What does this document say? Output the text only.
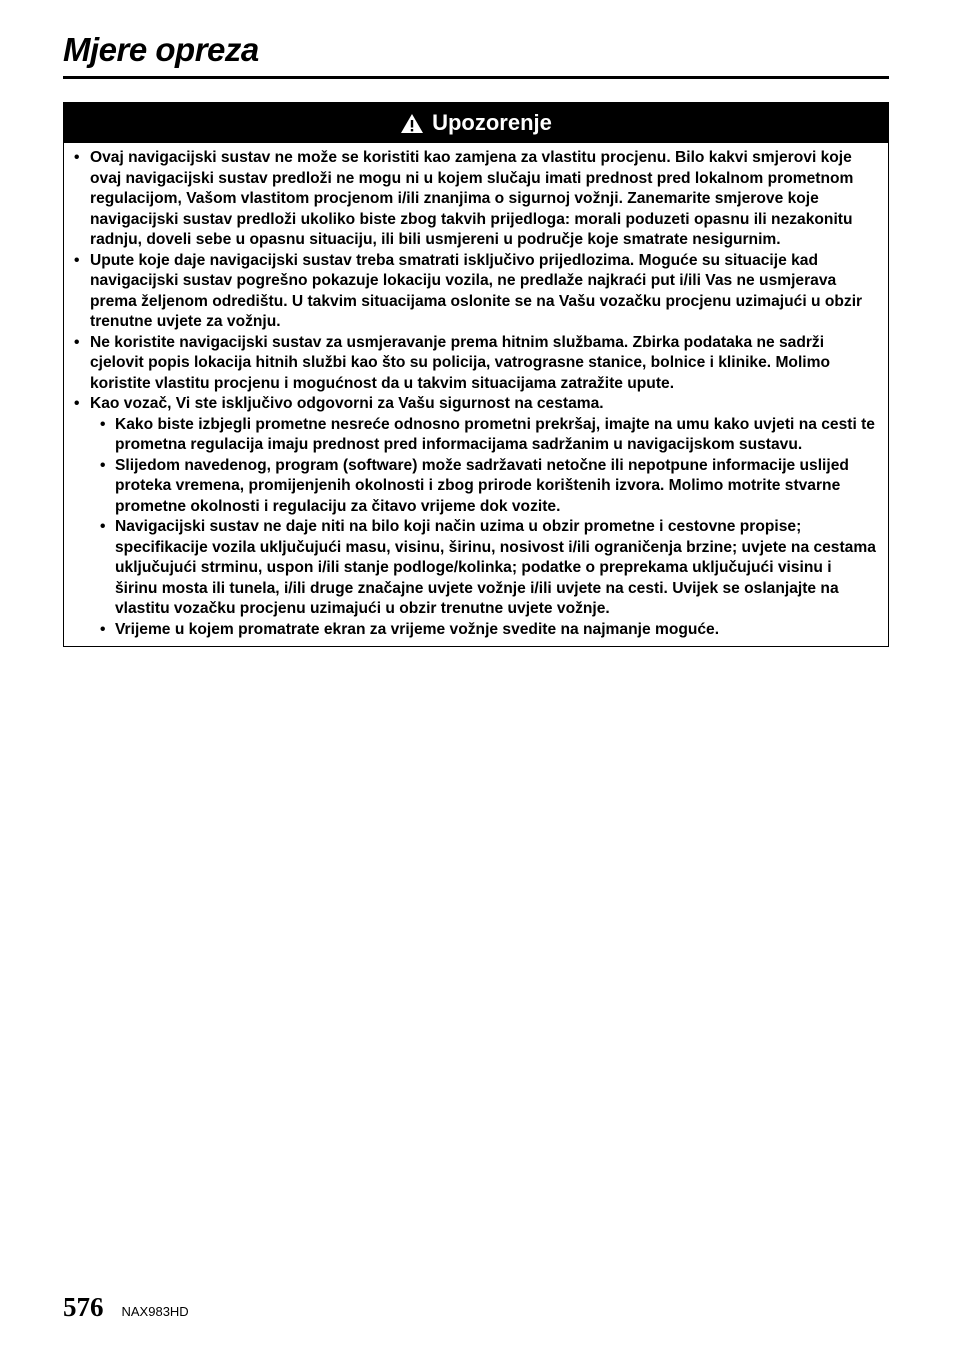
Mjere opreza
Upozorenje
• Ovaj navigacijski sustav ne može se koristiti kao zamjena za vlastitu procjenu. Bilo kakvi smjerovi koje ovaj navigacijski sustav predloži ne mogu ni u kojem slučaju imati prednost pred lokalnom prometnom regulacijom, Vašom vlastitom procjenom i/ili znanjima o sigurnoj vožnji. Zanemarite smjerove koje navigacijski sustav predloži ukoliko biste zbog takvih prijedloga: morali poduzeti opasnu ili nezakonitu radnju, doveli sebe u opasnu situaciju, ili bili usmjereni u područje koje smatrate nesigurnim.
• Upute koje daje navigacijski sustav treba smatrati isključivo prijedlozima. Moguće su situacije kad navigacijski sustav pogrešno pokazuje lokaciju vozila, ne predlaže najkraći put i/ili Vas ne usmjerava prema željenom odredištu. U takvim situacijama oslonite se na Vašu vozačku procjenu uzimajući u obzir trenutne uvjete za vožnju.
• Ne koristite navigacijski sustav za usmjeravanje prema hitnim službama. Zbirka podataka ne sadrži cjelovit popis lokacija hitnih službi kao što su policija, vatrograsne stanice, bolnice i klinike. Molimo koristite vlastitu procjenu i mogućnost da u takvim situacijama zatražite upute.
• Kao vozač, Vi ste isključivo odgovorni za Vašu sigurnost na cestama.
• Kako biste izbjegli prometne nesreće odnosno prometni prekršaj, imajte na umu kako uvjeti na cesti te prometna regulacija imaju prednost pred informacijama sadržanim u navigacijskom sustavu.
• Slijedom navedenog, program (software) može sadržavati netočne ili nepotpune informacije uslijed proteka vremena, promijenjenih okolnosti i zbog prirode korištenih izvora. Molimo motrite stvarne prometne okolnosti i regulaciju za čitavo vrijeme dok vozite.
• Navigacijski sustav ne daje niti na bilo koji način uzima u obzir prometne i cestovne propise; specifikacije vozila uključujući masu, visinu, širinu, nosivost i/ili ograničenja brzine; uvjete na cestama uključujući strminu, uspon i/ili stanje podloge/kolinka; podatke o preprekama uključujući visinu i širinu mosta ili tunela, i/ili druge značajne uvjete vožnje i/ili uvjete na cesti. Uvijek se oslanjajte na vlastitu vozačku procjenu uzimajući u obzir trenutne uvjete vožnje.
• Vrijeme u kojem promatrate ekran za vrijeme vožnje svedite na najmanje moguće.
576 NAX983HD
